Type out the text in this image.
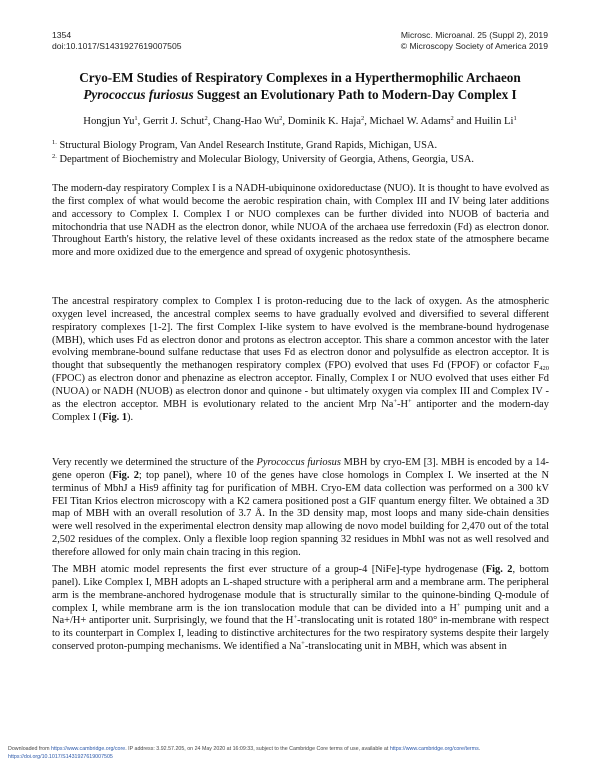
1354
doi:10.1017/S1431927619007505
Microsc. Microanal. 25 (Suppl 2), 2019
© Microscopy Society of America 2019
Cryo-EM Studies of Respiratory Complexes in a Hyperthermophilic Archaeon
Pyrococcus furiosus Suggest an Evolutionary Path to Modern-Day Complex I
Hongjun Yu$^1$, Gerrit J. Schut$^2$, Chang-Hao Wu$^2$, Dominik K. Haja$^2$, Michael W. Adams$^2$ and Huilin Li$^1$
$^{1.}$ Structural Biology Program, Van Andel Research Institute, Grand Rapids, Michigan, USA.
$^{2.}$ Department of Biochemistry and Molecular Biology, University of Georgia, Athens, Georgia, USA.

The modern-day respiratory Complex I is a NADH-ubiquinone oxidoreductase (NUO). It is thought to have evolved as the first complex of what would become the aerobic respiration chain, with Complex III and IV being later additions and accessory to Complex I. Complex I or NUO complexes can be further divided into NUOB of bacteria and mitochondria that use NADH as the electron donor, while NUOA of the archaea use ferredoxin (Fd) as electron donor. Throughout Earth's history, the relative level of these oxidants increased as the redox state of the atmosphere became more and more oxidized due to the emergence and spread of oxygenic photosynthesis.

The ancestral respiratory complex to Complex I is proton-reducing due to the lack of oxygen. As the atmospheric oxygen level increased, the ancestral complex seems to have gradually evolved and diversified to several different respiratory complexes [1-2]. The first Complex I-like system to have evolved is the membrane-bound hydrogenase (MBH), which uses Fd as electron donor and protons as electron acceptor. This share a common ancestor with the later evolving membrane-bound sulfane reductase that uses Fd as electron donor and polysulfide as electron acceptor. It is thought that subsequently the methanogen respiratory complex (FPO) evolved that uses Fd (FPOF) or cofactor $F_{420}$ (FPOC) as electron donor and phenazine as electron acceptor. Finally, Complex I or NUO evolved that uses either Fd (NUOA) or NADH (NUOB) as electron donor and quinone - but ultimately oxygen via complex III and Complex IV - as the electron acceptor. MBH is evolutionary related to the ancient Mrp Na+-H+ antiporter and the modern-day Complex I (Fig. 1).

Very recently we determined the structure of the Pyrococcus furiosus MBH by cryo-EM [3]. MBH is encoded by a 14-gene operon (Fig. 2; top panel), where 10 of the genes have close homologs in Complex I. We inserted at the N terminus of MbhJ a His9 affinity tag for purification of MBH. Cryo-EM data collection was performed on a 300 kV FEI Titan Krios electron microscopy with a K2 camera positioned post a GIF quantum energy filter. We obtained a 3D map of MBH with an overall resolution of 3.7 Å. In the 3D density map, most loops and many side-chain densities were well resolved in the experimental electron density map allowing de novo model building for 2,470 out of the total 2,502 residues of the complex. Only a flexible loop region spanning 32 residues in MbhI was not as well resolved and therefore allowed for only main chain tracing in this region.

The MBH atomic model represents the first ever structure of a group-4 [NiFe]-type hydrogenase (Fig. 2, bottom panel). Like Complex I, MBH adopts an L-shaped structure with a peripheral arm and a membrane arm. The peripheral arm is the membrane-anchored hydrogenase module that is structurally similar to the quinone-binding Q-module of complex I, while membrane arm is the ion translocation module that can be divided into a H+ pumping unit and a Na+/H+ antiporter unit. Surprisingly, we found that the H+-translocating unit is rotated 180° in-membrane with respect to its counterpart in Complex I, leading to distinctive architectures for the two respiratory systems despite their largely conserved proton-pumping mechanisms. We identified a Na+-translocating unit in MBH, which was absent in

Downloaded from https://www.cambridge.org/core. IP address: 3.92.57.205, on 24 May 2020 at 16:09:33, subject to the Cambridge Core terms of use, available at https://www.cambridge.org/core/terms.
https://doi.org/10.1017/S1431927619007505
